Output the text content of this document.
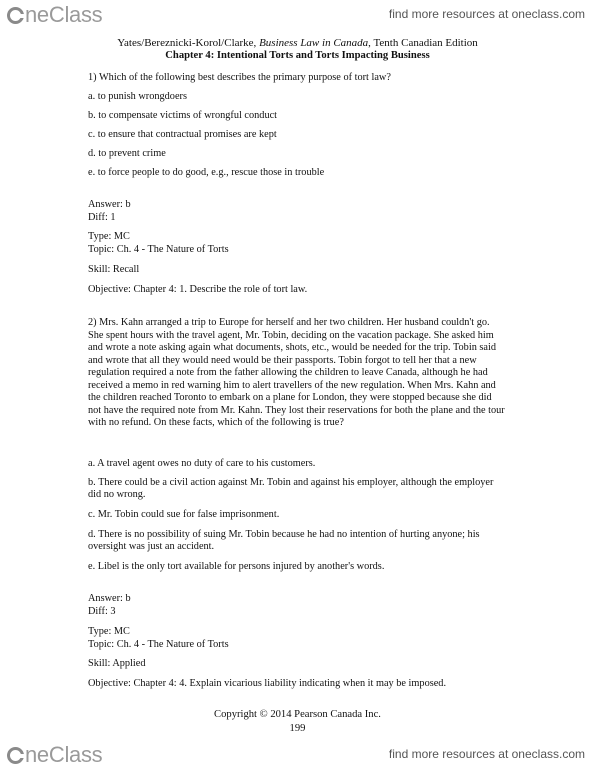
neClass	find more resources at oneclass.com
Yates/Bereznicki-Korol/Clarke, Business Law in Canada, Tenth Canadian Edition
Chapter 4: Intentional Torts and Torts Impacting Business
1) Which of the following best describes the primary purpose of tort law?
a. to punish wrongdoers
b. to compensate victims of wrongful conduct
c. to ensure that contractual promises are kept
d. to prevent crime
e. to force people to do good, e.g., rescue those in trouble
Answer: b
Diff: 1
Type: MC
Topic: Ch. 4 - The Nature of Torts
Skill: Recall
Objective: Chapter 4: 1. Describe the role of tort law.
2) Mrs. Kahn arranged a trip to Europe for herself and her two children. Her husband couldn't go. She spent hours with the travel agent, Mr. Tobin, deciding on the vacation package. She asked him and wrote a note asking again what documents, shots, etc., would be needed for the trip. Tobin said and wrote that all they would need would be their passports. Tobin forgot to tell her that a new regulation required a note from the father allowing the children to leave Canada, although he had received a memo in red warning him to alert travellers of the new regulation. When Mrs. Kahn and the children reached Toronto to embark on a plane for London, they were stopped because she did not have the required note from Mr. Kahn. They lost their reservations for both the plane and the tour with no refund. On these facts, which of the following is true?
a. A travel agent owes no duty of care to his customers.
b. There could be a civil action against Mr. Tobin and against his employer, although the employer did no wrong.
c. Mr. Tobin could sue for false imprisonment.
d. There is no possibility of suing Mr. Tobin because he had no intention of hurting anyone; his oversight was just an accident.
e. Libel is the only tort available for persons injured by another's words.
Answer: b
Diff: 3
Type: MC
Topic: Ch. 4 - The Nature of Torts
Skill: Applied
Objective: Chapter 4: 4. Explain vicarious liability indicating when it may be imposed.
Copyright © 2014 Pearson Canada Inc.
199
neClass	find more resources at oneclass.com
